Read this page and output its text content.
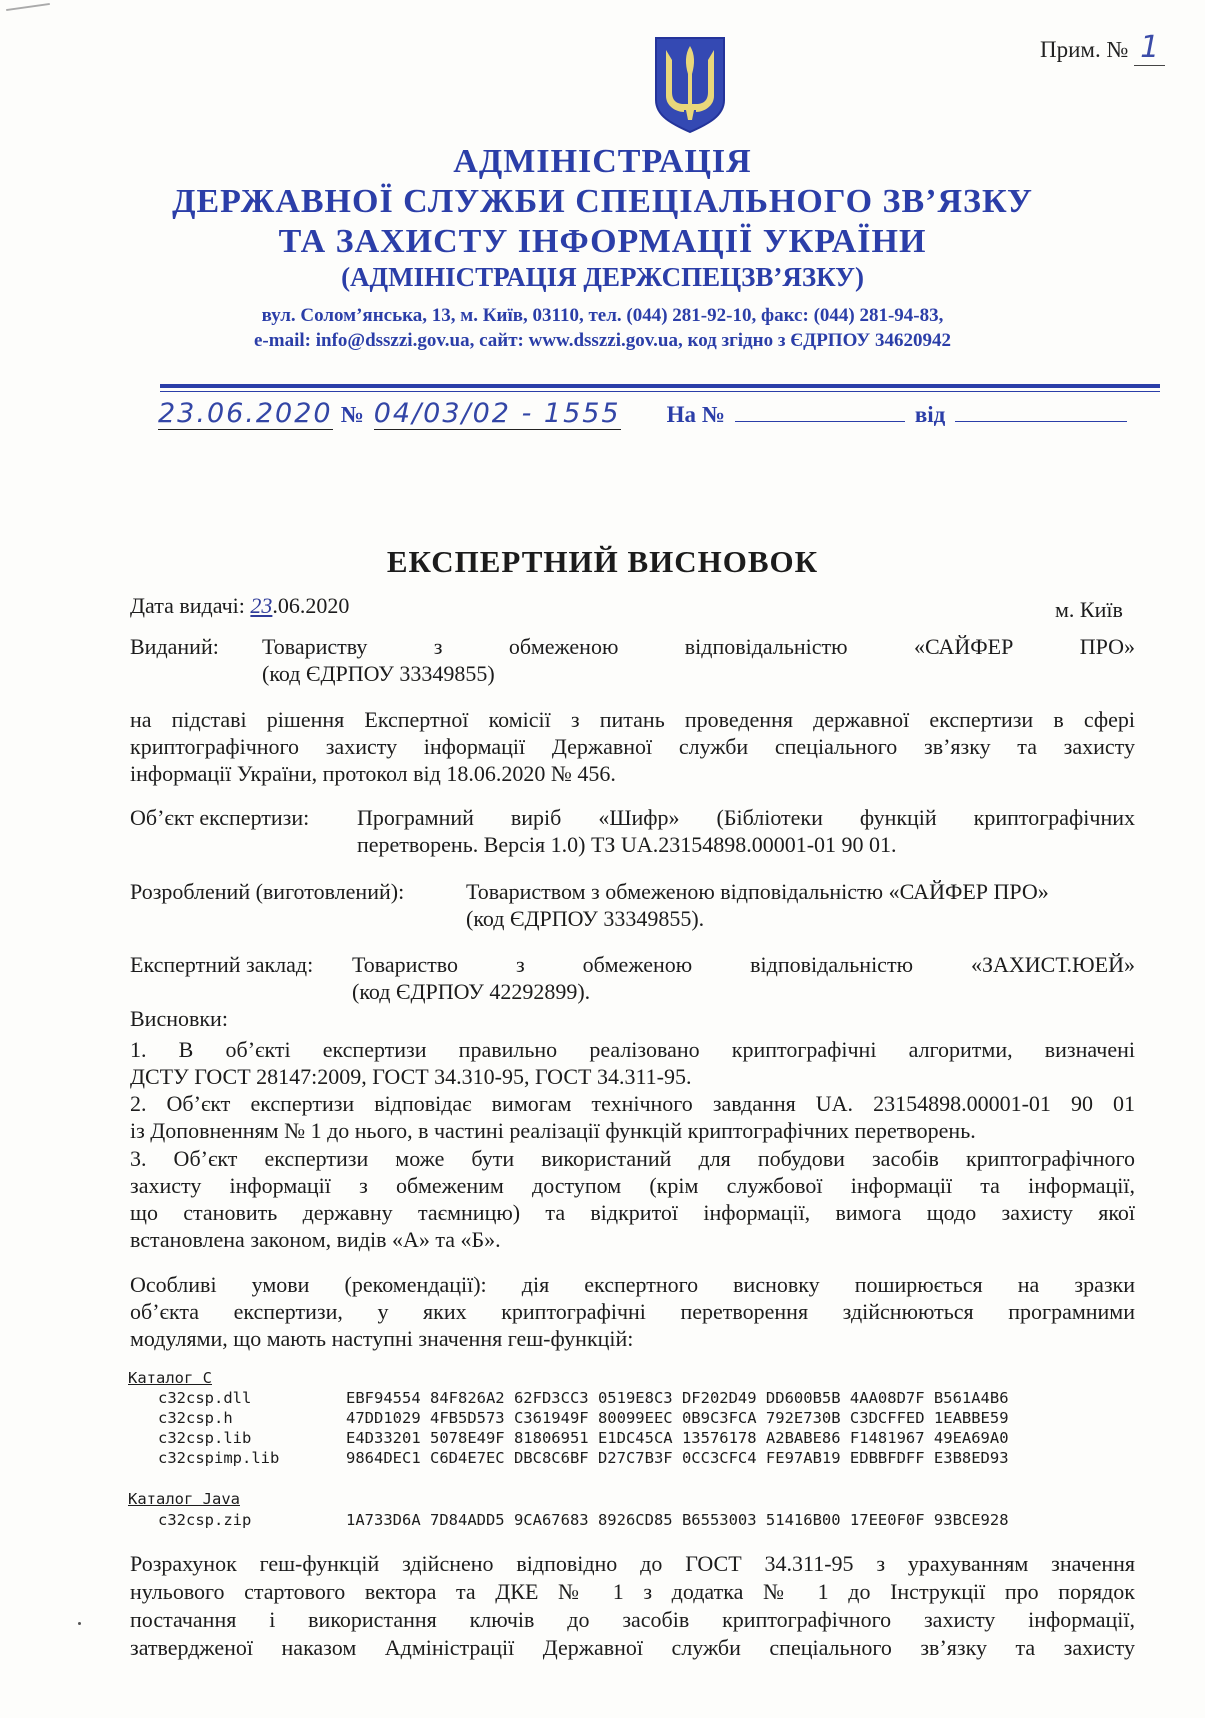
Прим. № 1
АДМІНІСТРАЦІЯ
ДЕРЖАВНОЇ СЛУЖБИ СПЕЦІАЛЬНОГО ЗВ’ЯЗКУ
ТА ЗАХИСТУ ІНФОРМАЦІЇ УКРАЇНИ
(АДМІНІСТРАЦІЯ ДЕРЖСПЕЦЗВ’ЯЗКУ)
вул. Солом’янська, 13, м. Київ, 03110, тел. (044) 281-92-10, факс: (044) 281-94-83,
e-mail: info@dsszzi.gov.ua, сайт: www.dsszzi.gov.ua, код згідно з ЄДРПОУ 34620942
23.06.2020 № 04/03/02 - 1555 На №	від
ЕКСПЕРТНИЙ ВИСНОВОК
Дата видачі: 23.06.2020	м. Київ
Виданий: Товариству з обмеженою відповідальністю «САЙФЕР ПРО»
(код ЄДРПОУ 33349855)
на підставі рішення Експертної комісії з питань проведення державної експертизи в сфері
криптографічного захисту інформації Державної служби спеціального зв’язку та захисту
інформації України, протокол від 18.06.2020 № 456.
Об’єкт експертизи: Програмний виріб «Шифр» (Бібліотеки функцій криптографічних
перетворень. Версія 1.0) ТЗ UA.23154898.00001-01 90 01.
Розроблений (виготовлений):	Товариством з обмеженою відповідальністю «САЙФЕР ПРО»
(код ЄДРПОУ 33349855).
Експертний заклад: Товариство з обмеженою відповідальністю «ЗАХИСТ.ЮЕЙ»
(код ЄДРПОУ 42292899).
Висновки:
1. В об’єкті експертизи правильно реалізовано криптографічні алгоритми, визначені
ДСТУ ГОСТ 28147:2009, ГОСТ 34.310-95, ГОСТ 34.311-95.
2. Об’єкт експертизи відповідає вимогам технічного завдання UA. 23154898.00001-01 90 01
із Доповненням № 1 до нього, в частині реалізації функцій криптографічних перетворень.
3. Об’єкт експертизи може бути використаний для побудови засобів криптографічного
захисту інформації з обмеженим доступом (крім службової інформації та інформації,
що становить державну таємницю) та відкритої інформації, вимога щодо захисту якої
встановлена законом, видів «А» та «Б».
Особливі умови (рекомендації): дія експертного висновку поширюється на зразки
об’єкта експертизи, у яких криптографічні перетворення здійснюються програмними
модулями, що мають наступні значення геш-функцій:
Каталог C
c32csp.dll	EBF94554 84F826A2 62FD3CC3 0519E8C3 DF202D49 DD600B5B 4AA08D7F B561A4B6
c32csp.h	47DD1029 4FB5D573 C361949F 80099EEC 0B9C3FCA 792E730B C3DCFFED 1EABBE59
c32csp.lib	E4D33201 5078E49F 81806951 E1DC45CA 13576178 A2BABE86 F1481967 49EA69A0
c32cspimp.lib	9864DEC1 C6D4E7EC DBC8C6BF D27C7B3F 0CC3CFC4 FE97AB19 EDBBFDFF E3B8ED93
Каталог Java
c32csp.zip	1A733D6A 7D84ADD5 9CA67683 8926CD85 B6553003 51416B00 17EE0F0F 93BCE928
Розрахунок геш-функцій здійснено відповідно до ГОСТ 34.311-95 з урахуванням значення
нульового стартового вектора та ДКЕ № 1 з додатка № 1 до Інструкції про порядок
постачання і використання ключів до засобів криптографічного захисту інформації,
затвердженої наказом Адміністрації Державної служби спеціального зв’язку та захисту
